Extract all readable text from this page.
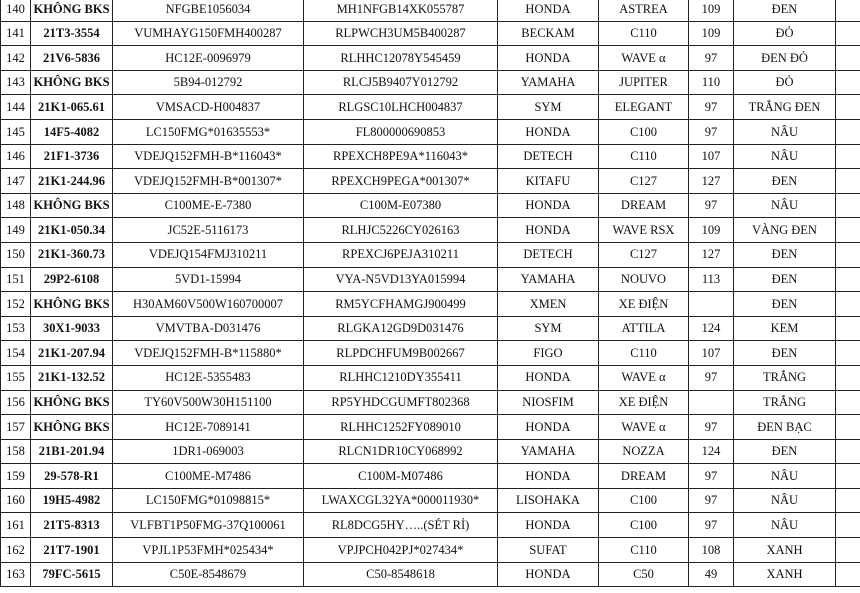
140	KHÔNG BKS	NFGBE1056034	MH1NFGB14XK055787	HONDA	ASTREA	109	ĐEN	
141	21T3-3554	VUMHAYG150FMH400287	RLPWCH3UM5B400287	BECKAM	C110	109	ĐỎ	
142	21V6-5836	HC12E-0096979	RLHHC12078Y545459	HONDA	WAVE α	97	ĐEN ĐỎ	
143	KHÔNG BKS	5B94-012792	RLCJ5B9407Y012792	YAMAHA	JUPITER	110	ĐỎ	
144	21K1-065.61	VMSACD-H004837	RLGSC10LHCH004837	SYM	ELEGANT	97	TRẮNG ĐEN	
145	14F5-4082	LC150FMG*01635553*	FL800000690853	HONDA	C100	97	NÂU	
146	21F1-3736	VDEJQ152FMH-B*116043*	RPEXCH8PE9A*116043*	DETECH	C110	107	NÂU	
147	21K1-244.96	VDEJQ152FMH-B*001307*	RPEXCH9PEGA*001307*	KITAFU	C127	127	ĐEN	
148	KHÔNG BKS	C100ME-E-7380	C100M-E07380	HONDA	DREAM	97	NÂU	
149	21K1-050.34	JC52E-5116173	RLHJC5226CY026163	HONDA	WAVE RSX	109	VÀNG ĐEN	
150	21K1-360.73	VDEJQ154FMJ310211	RPEXCJ6PEJA310211	DETECH	C127	127	ĐEN	
151	29P2-6108	5VD1-15994	VYA-N5VD13YA015994	YAMAHA	NOUVO	113	ĐEN	
152	KHÔNG BKS	H30AM60V500W160700007	RM5YCFHAMGJ900499	XMEN	XE ĐIỆN		ĐEN	
153	30X1-9033	VMVTBA-D031476	RLGKA12GD9D031476	SYM	ATTILA	124	KEM	
154	21K1-207.94	VDEJQ152FMH-B*115880*	RLPDCHFUM9B002667	FIGO	C110	107	ĐEN	
155	21K1-132.52	HC12E-5355483	RLHHC1210DY355411	HONDA	WAVE α	97	TRẮNG	
156	KHÔNG BKS	TY60V500W30H151100	RP5YHDCGUMFT802368	NIOSFIM	XE ĐIỆN		TRẮNG	
157	KHÔNG BKS	HC12E-7089141	RLHHC1252FY089010	HONDA	WAVE α	97	ĐEN BẠC	
158	21B1-201.94	1DR1-069003	RLCN1DR10CY068992	YAMAHA	NOZZA	124	ĐEN	
159	29-578-R1	C100ME-M7486	C100M-M07486	HONDA	DREAM	97	NÂU	
160	19H5-4982	LC150FMG*01098815*	LWAXCGL32YA*000011930*	LISOHAKA	C100	97	NÂU	
161	21T5-8313	VLFBT1P50FMG-37Q100061	RL8DCG5HY…..(SÉT RỈ)	HONDA	C100	97	NÂU	
162	21T7-1901	VPJL1P53FMH*025434*	VPJPCH042PJ*027434*	SUFAT	C110	108	XANH	
163	79FC-5615	C50E-8548679	C50-8548618	HONDA	C50	49	XANH	
